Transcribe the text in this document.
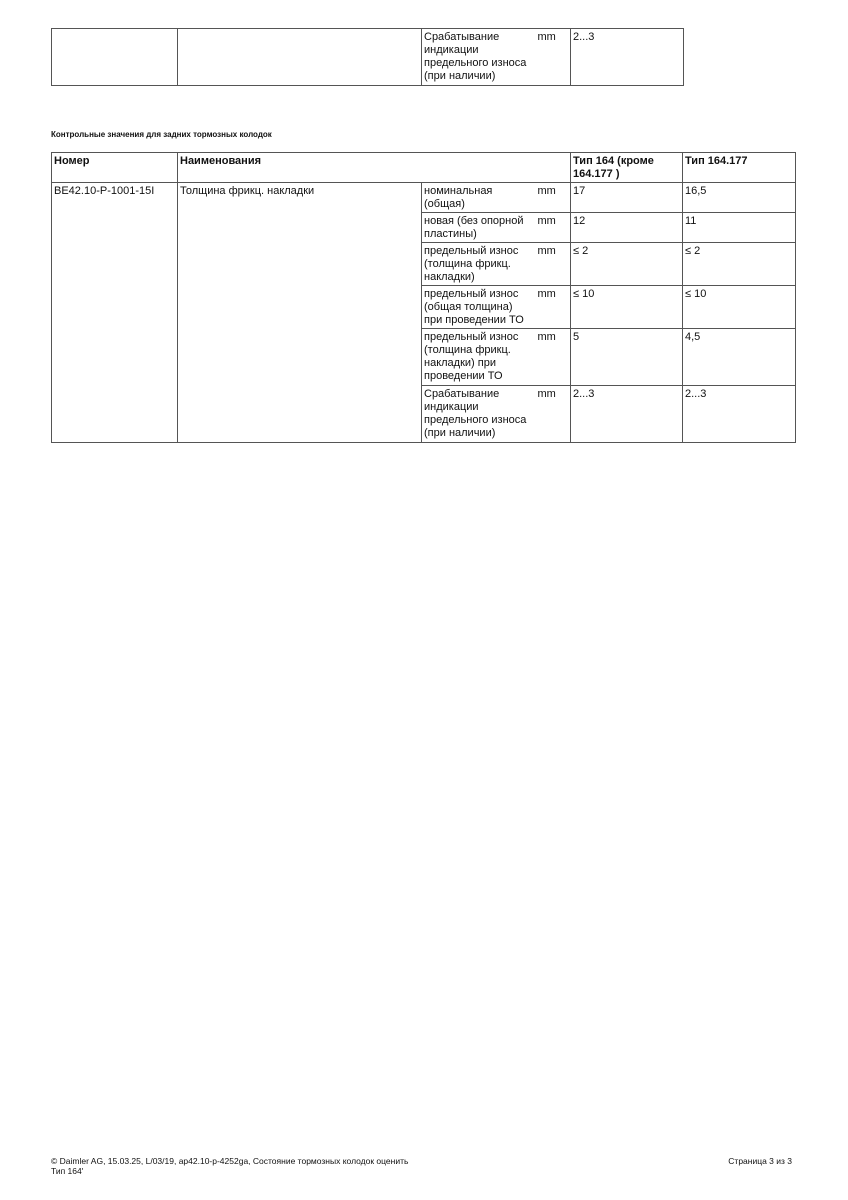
		Срабатывание индикации предельного износа (при наличии)	mm	2...3
Контрольные значения для задних тормозных колодок
Номер	Наименования			Тип 164 (кроме 164.177 )	Тип 164.177
BE42.10-P-1001-15I	Толщина фрикц. накладки	номинальная (общая)	mm	17	16,5
		новая (без опорной пластины)	mm	12	11
		предельный износ (толщина фрикц. накладки)	mm	≤ 2	≤ 2
		предельный износ (общая толщина) при проведении ТО	mm	≤ 10	≤ 10
		предельный износ (толщина фрикц. накладки) при проведении ТО	mm	5	4,5
		Срабатывание индикации предельного износа (при наличии)	mm	2...3	2...3
© Daimler AG, 15.03.25, L/03/19, ap42.10-p-4252ga, Состояние тормозных колодок оценить
Тип 164'
Страница 3 из 3
